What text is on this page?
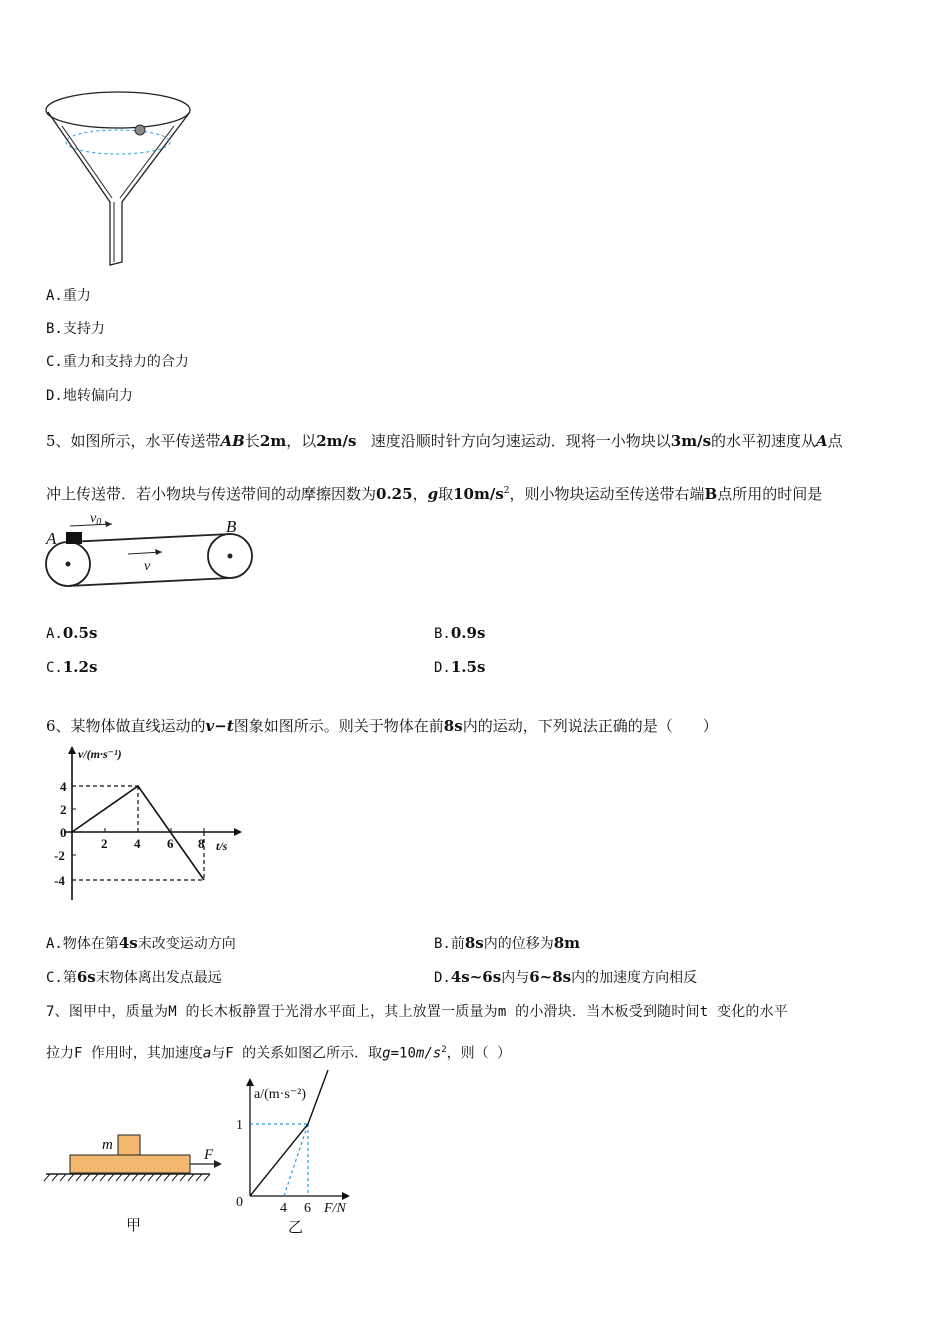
A.重力
B.支持力
C.重力和支持力的合力
D.地转偏向力
5、如图所示，水平传送带AB长2m，以2m/s 速度沿顺时针方向匀速运动．现将一小物块以3m/s的水平初速度从A点
冲上传送带．若小物块与传送带间的动摩擦因数为0.25，g取$10m/s^2$，则小物块运动至传送带右端B点所用的时间是
A
B
$v_0$
v
A.0.5s	B.0.9s
C.1.2s	D.1.5s
6、某物体做直线运动的v−t图象如图所示。则关于物体在前8s内的运动，下列说法正确的是（　　）
v/(m·s⁻¹)
t/s
4
2
0
-2
-4
2 4 6 8
A.物体在第4s末改变运动方向	B.前8s内的位移为8m
C.第6s末物体离出发点最远	D.4s~6s内与6~8s内的加速度方向相反
7、图甲中，质量为M 的长木板静置于光滑水平面上，其上放置一质量为m 的小滑块．当木板受到随时间t 变化的水平
拉力F 作用时，其加速度a与F 的关系如图乙所示．取$g=10m/s^2$，则（ ）
m
F
甲
a/(m·s⁻²)
1
0	4 6 F/N
乙
